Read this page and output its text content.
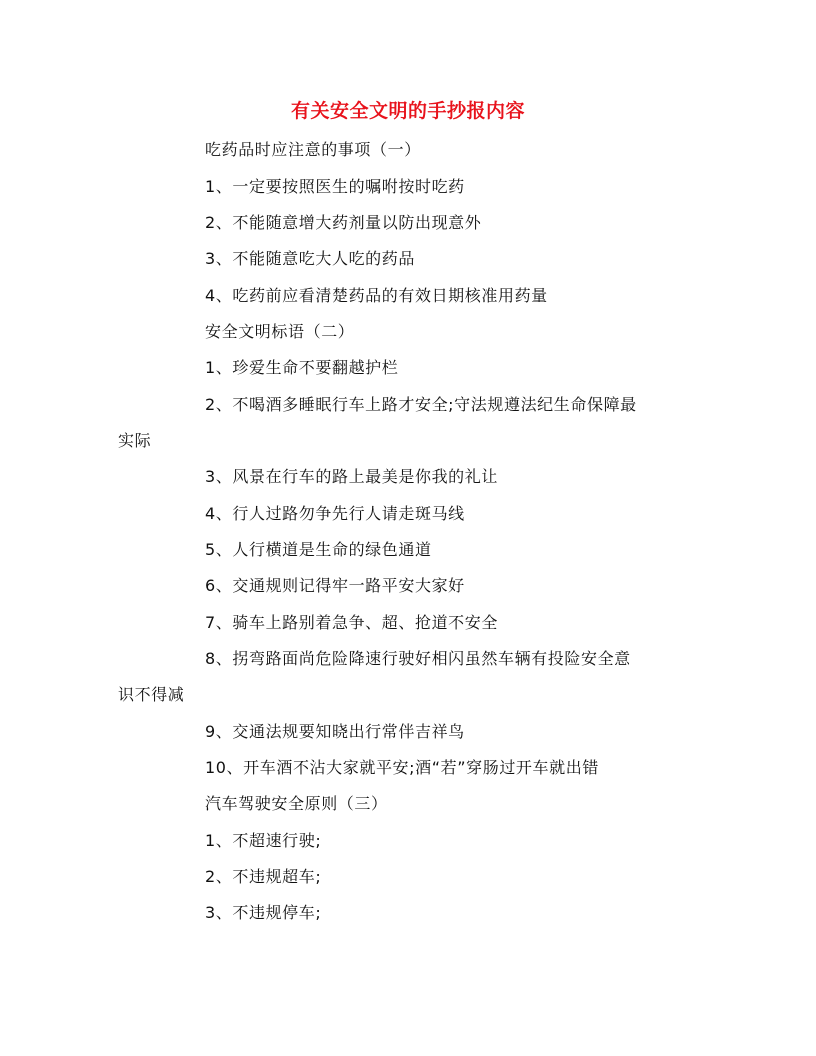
有关安全文明的手抄报内容
吃药品时应注意的事项（一）
1、一定要按照医生的嘱咐按时吃药
2、不能随意增大药剂量以防出现意外
3、不能随意吃大人吃的药品
4、吃药前应看清楚药品的有效日期核准用药量
安全文明标语（二）
1、珍爱生命不要翻越护栏
2、不喝酒多睡眠行车上路才安全;守法规遵法纪生命保障最
实际
3、风景在行车的路上最美是你我的礼让
4、行人过路勿争先行人请走斑马线
5、人行横道是生命的绿色通道
6、交通规则记得牢一路平安大家好
7、骑车上路别着急争、超、抢道不安全
8、拐弯路面尚危险降速行驶好相闪虽然车辆有投险安全意
识不得减
9、交通法规要知晓出行常伴吉祥鸟
10、开车酒不沾大家就平安;酒“若”穿肠过开车就出错
汽车驾驶安全原则（三）
1、不超速行驶;
2、不违规超车;
3、不违规停车;
